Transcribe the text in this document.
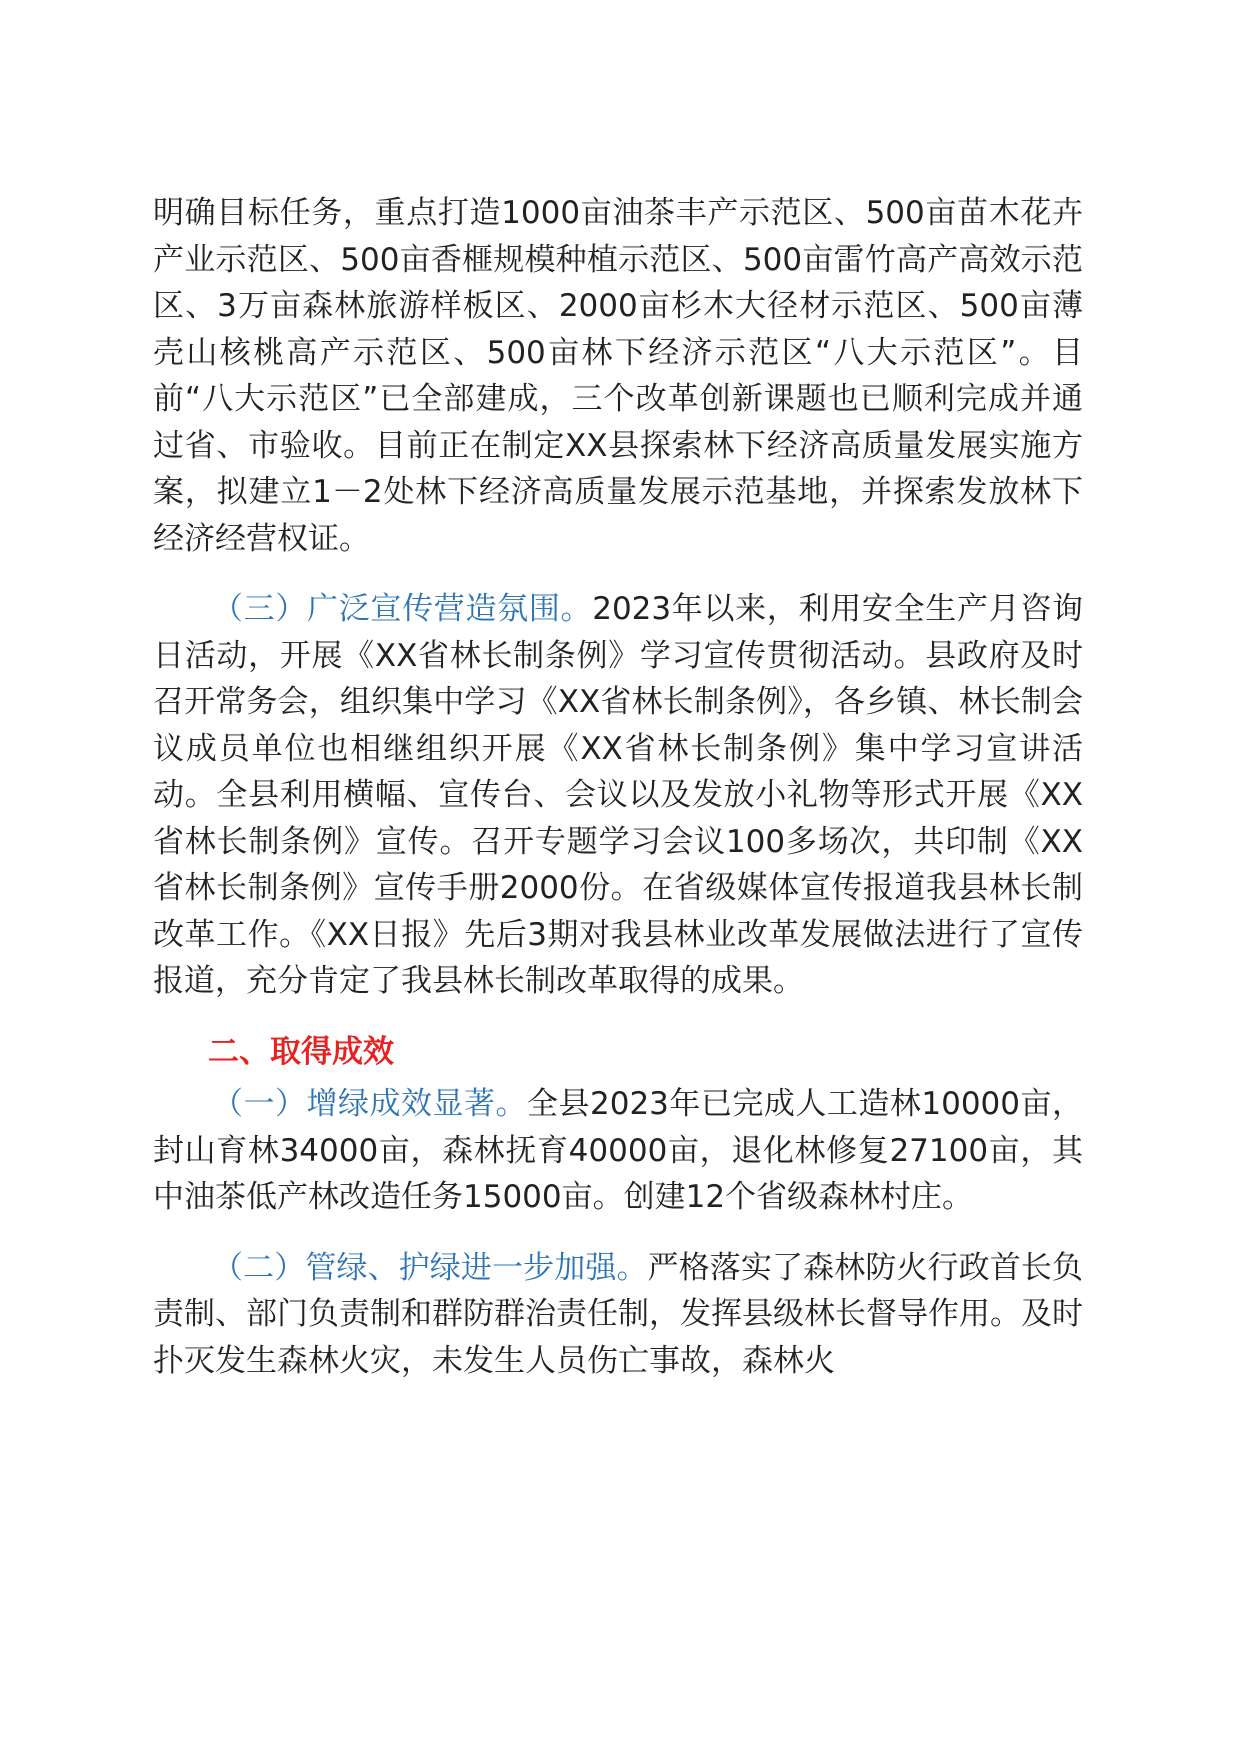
明确目标任务，重点打造1000亩油茶丰产示范区、500亩苗木花卉产业示范区、500亩香榧规模种植示范区、500亩雷竹高产高效示范区、3万亩森林旅游样板区、2000亩杉木大径材示范区、500亩薄壳山核桃高产示范区、500亩林下经济示范区“八大示范区”。目前“八大示范区”已全部建成，三个改革创新课题也已顺利完成并通过省、市验收。目前正在制定XX县探索林下经济高质量发展实施方案，拟建立1－2处林下经济高质量发展示范基地，并探索发放林下经济经营权证。

（三）广泛宣传营造氛围。2023年以来，利用安全生产月咨询日活动，开展《XX省林长制条例》学习宣传贯彻活动。县政府及时召开常务会，组织集中学习《XX省林长制条例》，各乡镇、林长制会议成员单位也相继组织开展《XX省林长制条例》集中学习宣讲活动。全县利用横幅、宣传台、会议以及发放小礼物等形式开展《XX省林长制条例》宣传。召开专题学习会议100多场次，共印制《XX省林长制条例》宣传手册2000份。在省级媒体宣传报道我县林长制改革工作。《XX日报》先后3期对我县林业改革发展做法进行了宣传报道，充分肯定了我县林长制改革取得的成果。

二、取得成效

（一）增绿成效显著。全县2023年已完成人工造林10000亩，封山育林34000亩，森林抚育40000亩，退化林修复27100亩，其中油茶低产林改造任务15000亩。创建12个省级森林村庄。

（二）管绿、护绿进一步加强。严格落实了森林防火行政首长负责制、部门负责制和群防群治责任制，发挥县级林长督导作用。及时扑灭发生森林火灾，未发生人员伤亡事故，森林火
